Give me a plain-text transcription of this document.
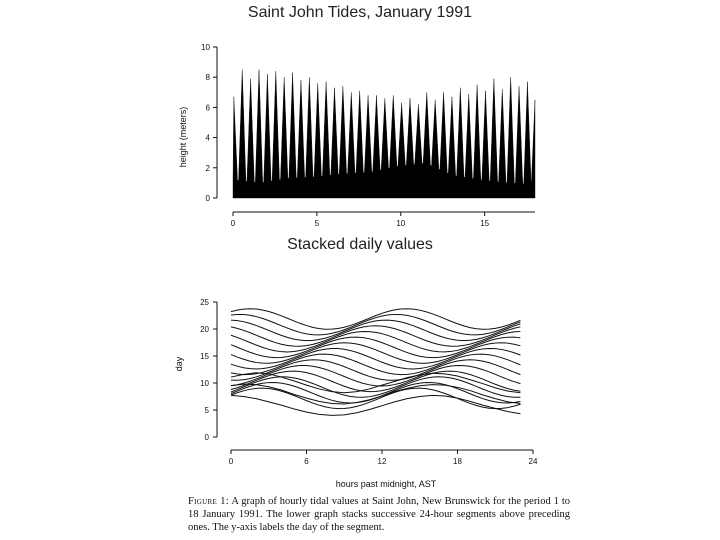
Saint John Tides, January 1991
0
2
4
6
8
10
0	5	10	15
height (meters)
Stacked daily values
0
5
10
15
20
25
0	6	12	18	24
day
hours past midnight, AST
Figure 1: A graph of hourly tidal values at Saint John, New Brunswick for the period 1 to 18 January 1991. The lower graph stacks successive 24-hour segments above preceding ones. The y-axis labels the day of the segment.
